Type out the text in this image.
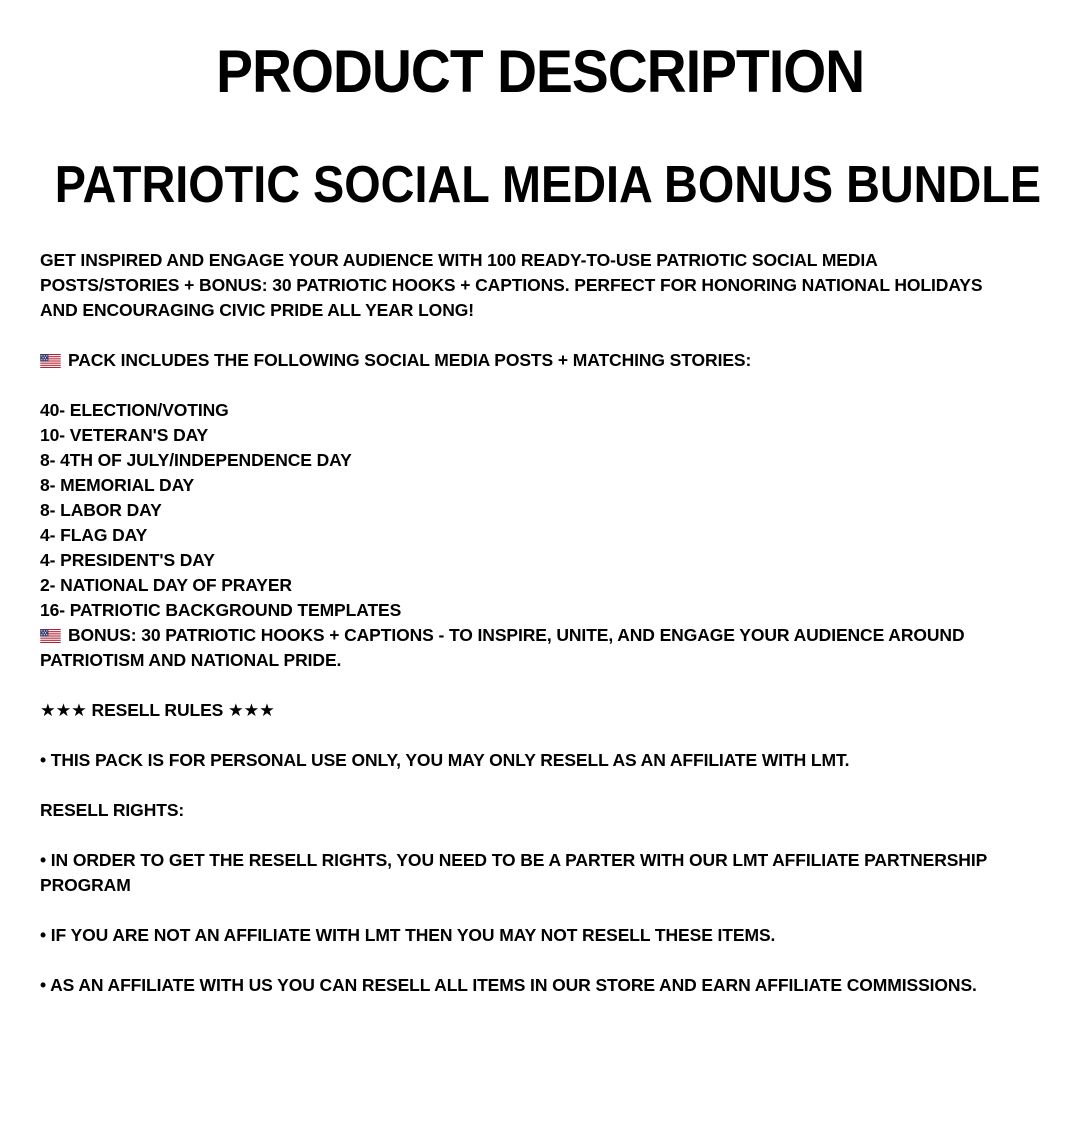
PRODUCT DESCRIPTION
PATRIOTIC SOCIAL MEDIA BONUS BUNDLE

GET INSPIRED AND ENGAGE YOUR AUDIENCE WITH 100 READY-TO-USE PATRIOTIC SOCIAL MEDIA
POSTS/STORIES + BONUS: 30 PATRIOTIC HOOKS + CAPTIONS. PERFECT FOR HONORING NATIONAL HOLIDAYS
AND ENCOURAGING CIVIC PRIDE ALL YEAR LONG!

PACK INCLUDES THE FOLLOWING SOCIAL MEDIA POSTS + MATCHING STORIES:

40- ELECTION/VOTING
10- VETERAN'S DAY
8- 4TH OF JULY/INDEPENDENCE DAY
8- MEMORIAL DAY
8- LABOR DAY
4- FLAG DAY
4- PRESIDENT'S DAY
2- NATIONAL DAY OF PRAYER
16- PATRIOTIC BACKGROUND TEMPLATES

BONUS: 30 PATRIOTIC HOOKS + CAPTIONS - TO INSPIRE, UNITE, AND ENGAGE YOUR AUDIENCE AROUND
PATRIOTISM AND NATIONAL PRIDE.

★★★ RESELL RULES ★★★

• THIS PACK IS FOR PERSONAL USE ONLY, YOU MAY ONLY RESELL AS AN AFFILIATE WITH LMT.

RESELL RIGHTS:

• IN ORDER TO GET THE RESELL RIGHTS, YOU NEED TO BE A PARTER WITH OUR LMT AFFILIATE PARTNERSHIP
PROGRAM

• IF YOU ARE NOT AN AFFILIATE WITH LMT THEN YOU MAY NOT RESELL THESE ITEMS.

• AS AN AFFILIATE WITH US YOU CAN RESELL ALL ITEMS IN OUR STORE AND EARN AFFILIATE COMMISSIONS.
